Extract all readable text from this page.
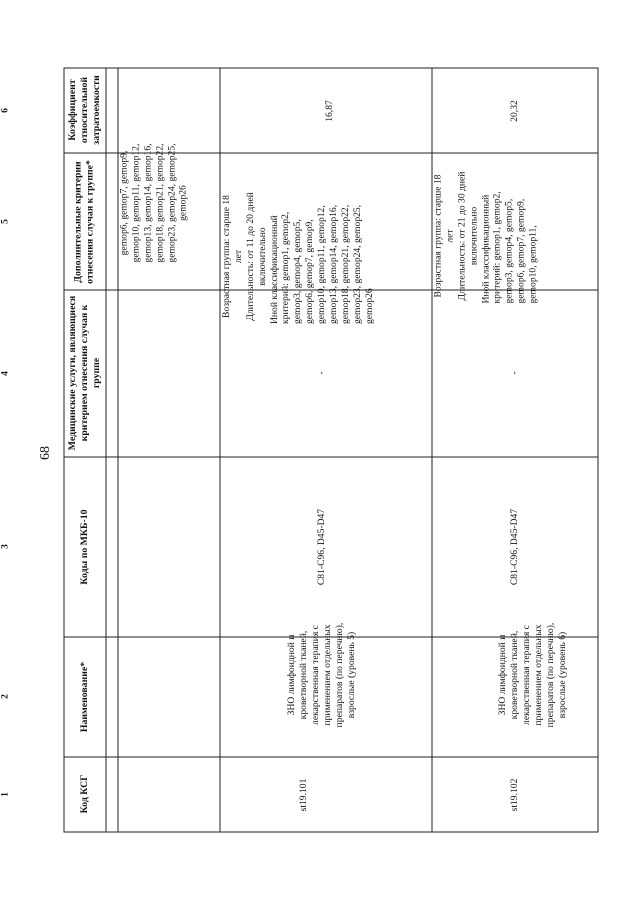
68
Код КСГ
Наименование*
Коды по МКБ-10
Медицинские услуги, являющиеся критерием отнесения случая к группе
Дополнительные критерии отнесения случая к группе*
Коэффициент относительной затратоемкости
1
2
3
4
5
6
gemop6, gemop7, gemop9, gemop10, gemop11, gemop12, gemop13, gemop14, gemop16, gemop18, gemop21, gemop22, gemop23, gemop24, gemop25, gemop26
st19.101
ЗНО лимфоидной и кроветворной тканей, лекарственная терапия с применением отдельных препаратов (по перечню), взрослые (уровень 5)
C81-C96, D45-D47
-
Возрастная группа: старше 18 лет Длительность: от 11 до 20 дней включительно Иной классификационный критерий: gemop1, gemop2, gemop3, gemop4, gemop5, gemop6, gemop7, gemop9, gemop10, gemop11, gemop12, gemop13, gemop14, gemop16, gemop18, gemop21, gemop22, gemop23, gemop24, gemop25, gemop26
16,87
st19.102
ЗНО лимфоидной и кроветворной тканей, лекарственная терапия с применением отдельных препаратов (по перечню), взрослые (уровень 6)
C81-C96, D45-D47
-
Возрастная группа: старше 18 лет Длительность: от 21 до 30 дней включительно Иной классификационный критерий: gemop1, gemop2, gemop3, gemop4, gemop5, gemop6, gemop7, gemop9, gemop10, gemop11,
20,32
